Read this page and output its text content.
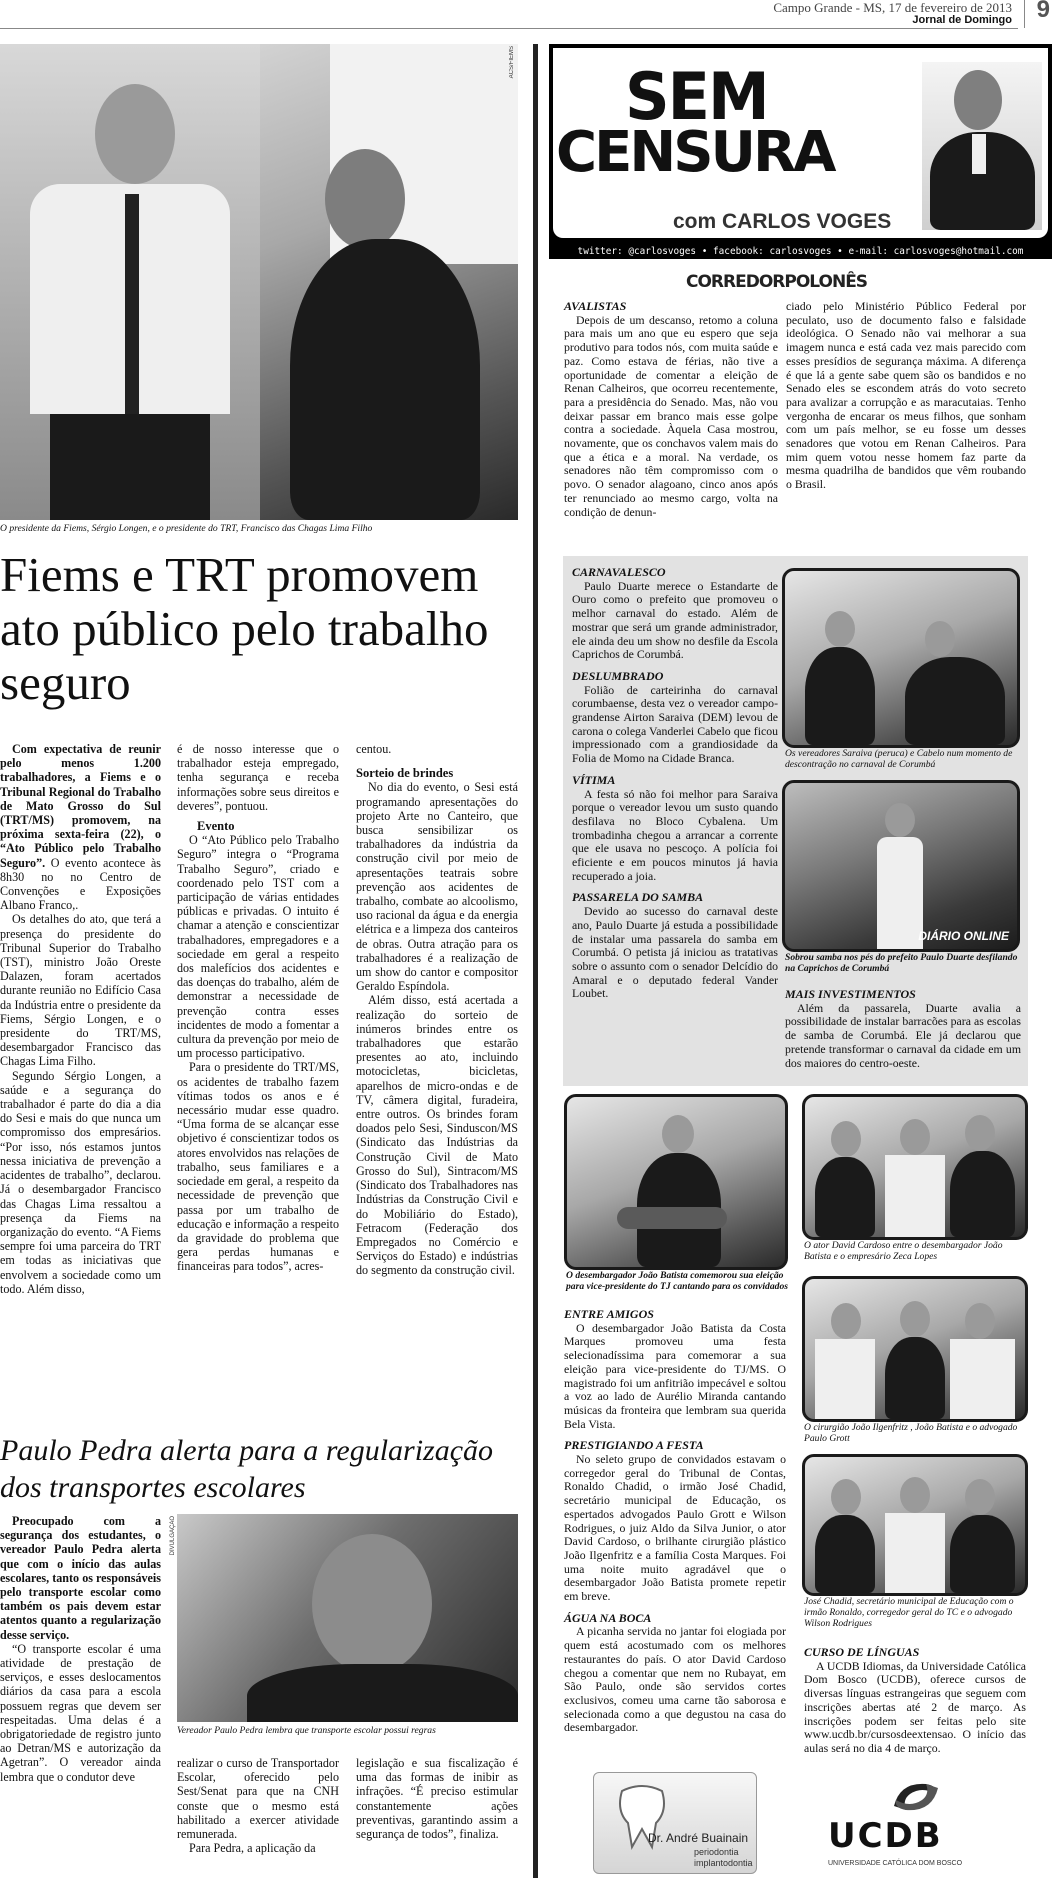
Campo Grande - MS, 17 de fevereiro de 2013
Jornal de Domingo 9
ACS/FIEMS
O presidente da Fiems, Sérgio Longen, e o presidente do TRT, Francisco das Chagas Lima Filho
Fiems e TRT promovem ato público pelo trabalho seguro

Com expectativa de reunir pelo menos 1.200 trabalhadores, a Fiems e o Tribunal Regional do Trabalho de Mato Grosso do Sul (TRT/MS) promovem, na próxima sexta-feira (22), o “Ato Público pelo Trabalho Seguro”. O evento acontece às 8h30 no no Centro de Convenções e Exposições Albano Franco,.

Os detalhes do ato, que terá a presença do presidente do Tribunal Superior do Trabalho (TST), ministro João Oreste Dalazen, foram acertados durante reunião no Edifício Casa da Indústria entre o presidente da Fiems, Sérgio Longen, e o presidente do TRT/MS, desembargador Francisco das Chagas Lima Filho.

Segundo Sérgio Longen, a saúde e a segurança do trabalhador é parte do dia a dia do Sesi e mais do que nunca um compromisso dos empresários. “Por isso, nós estamos juntos nessa iniciativa de prevenção a acidentes de trabalho”, declarou. Já o desembargador Francisco das Chagas Lima ressaltou a presença da Fiems na organização do evento. “A Fiems sempre foi uma parceira do TRT em todas as iniciativas que envolvem a sociedade como um todo. Além disso,

é de nosso interesse que o trabalhador esteja empregado, tenha segurança e receba informações sobre seus direitos e deveres”, pontuou.

Evento

O “Ato Público pelo Trabalho Seguro” integra o “Programa Trabalho Seguro”, criado e coordenado pelo TST com a participação de várias entidades públicas e privadas. O intuito é chamar a atenção e conscientizar trabalhadores, empregadores e a sociedade em geral a respeito dos malefícios dos acidentes e das doenças do trabalho, além de demonstrar a necessidade de prevenção contra esses incidentes de modo a fomentar a cultura da prevenção por meio de um processo participativo.

Para o presidente do TRT/MS, os acidentes de trabalho fazem vítimas todos os anos e é necessário mudar esse quadro. “Uma forma de se alcançar esse objetivo é conscientizar todos os atores envolvidos nas relações de trabalho, seus familiares e a sociedade em geral, a respeito da necessidade de prevenção que passa por um trabalho de educação e informação a respeito da gravidade do problema que gera perdas humanas e financeiras para todos”, acres-

centou.

Sorteio de brindes

No dia do evento, o Sesi está programando apresentações do projeto Arte no Canteiro, que busca sensibilizar os trabalhadores da indústria da construção civil por meio de apresentações teatrais sobre prevenção aos acidentes de trabalho, combate ao alcoolismo, uso racional da água e da energia elétrica e a limpeza dos canteiros de obras. Outra atração para os trabalhadores é a realização de um show do cantor e compositor Geraldo Espíndola.

Além disso, está acertada a realização do sorteio de inúmeros brindes entre os trabalhadores que estarão presentes ao ato, incluindo motocicletas, bicicletas, aparelhos de micro-ondas e de TV, câmera digital, furadeira, entre outros. Os brindes foram doados pelo Sesi, Sinduscon/MS (Sindicato das Indústrias da Construção Civil de Mato Grosso do Sul), Sintracom/MS (Sindicato dos Trabalhadores nas Indústrias da Construção Civil e do Mobiliário do Estado), Fetracom (Federação dos Empregados no Comércio e Serviços do Estado) e indústrias do segmento da construção civil.

Paulo Pedra alerta para a regularização dos transportes escolares

Preocupado com a segurança dos estudantes, o vereador Paulo Pedra alerta que com o início das aulas escolares, tanto os responsáveis pelo transporte escolar como também os pais devem estar atentos quanto a regularização desse serviço.

“O transporte escolar é uma atividade de prestação de serviços, e esses deslocamentos diários da casa para a escola possuem regras que devem ser respeitadas. Uma delas é a obrigatoriedade de registro junto ao Detran/MS e autorização da Agetran”. O vereador ainda lembra que o condutor deve

DIVULGAÇÃO
Vereador Paulo Pedra lembra que transporte escolar possui regras

realizar o curso de Transportador Escolar, oferecido pelo Sest/Senat para que na CNH conste que o mesmo está habilitado a exercer atividade remunerada.

Para Pedra, a aplicação da

legislação e sua fiscalização é uma das formas de inibir as infrações. “É preciso estimular constantemente ações preventivas, garantindo assim a segurança de todos”, finaliza.

SEM
CENSURA
com CARLOS VOGES
twitter: @carlosvoges • facebook: carlosvoges • e-mail: carlosvoges@hotmail.com
CORREDORPOLONÊS

AVALISTAS

Depois de um descanso, retomo a coluna para mais um ano que eu espero que seja produtivo para todos nós, com muita saúde e paz. Como estava de férias, não tive a oportunidade de comentar a eleição de Renan Calheiros, que ocorreu recentemente, para a presidência do Senado. Mas, não vou deixar passar em branco mais esse golpe contra a sociedade. Àquela Casa mostrou, novamente, que os conchavos valem mais do que a ética e a moral. Na verdade, os senadores não têm compromisso com o povo. O senador alagoano, cinco anos após ter renunciado ao mesmo cargo, volta na condição de denun-

ciado pelo Ministério Público Federal por peculato, uso de documento falso e falsidade ideológica. O Senado não vai melhorar a sua imagem nunca e está cada vez mais parecido com esses presídios de segurança máxima. A diferença é que lá a gente sabe quem são os bandidos e no Senado eles se escondem atrás do voto secreto para avalizar a corrupção e as maracutaias. Tenho vergonha de encarar os meus filhos, que sonham com um país melhor, se eu fosse um desses senadores que votou em Renan Calheiros. Para mim quem votou nesse homem faz parte da mesma quadrilha de bandidos que vêm roubando o Brasil.

CARNAVALESCO

Paulo Duarte merece o Estandarte de Ouro como o prefeito que promoveu o melhor carnaval do estado. Além de mostrar que será um grande administrador, ele ainda deu um show no desfile da Escola Caprichos de Corumbá.

DESLUMBRADO

Folião de carteirinha do carnaval corumbaense, desta vez o vereador campo-grandense Airton Saraiva (DEM) levou de carona o colega Vanderlei Cabelo que ficou impressionado com a grandiosidade da Folia de Momo na Cidade Branca.

VÍTIMA

A festa só não foi melhor para Saraiva porque o vereador levou um susto quando desfilava no Bloco Cybalena. Um trombadinha chegou a arrancar a corrente que ele usava no pescoço. A polícia foi eficiente e em poucos minutos já havia recuperado a joia.

PASSARELA DO SAMBA

Devido ao sucesso do carnaval deste ano, Paulo Duarte já estuda a possibilidade de instalar uma passarela do samba em Corumbá. O petista já iniciou as tratativas sobre o assunto com o senador Delcídio do Amaral e o deputado federal Vander Loubet.

Os vereadores Saraiva (peruca) e Cabelo num momento de descontração no carnaval de Corumbá
DIÁRIO ONLINE
Sobrou samba nos pés do prefeito Paulo Duarte desfilando na Caprichos de Corumbá

MAIS INVESTIMENTOS

Além da passarela, Duarte avalia a possibilidade de instalar barracões para as escolas de samba de Corumbá. Ele já declarou que pretende transformar o carnaval da cidade em um dos maiores do centro-oeste.

O desembargador João Batista comemorou sua eleição para vice-presidente do TJ cantando para os convidados
O ator David Cardoso entre o desembargador João Batista e o empresário Zeca Lopes
O cirurgião João Ilgenfritz , João Batista e o advogado Paulo Grott
José Chadid, secretário municipal de Educação com o irmão Ronaldo, corregedor geral do TC e o advogado Wilson Rodrigues

ENTRE AMIGOS

O desembargador João Batista da Costa Marques promoveu uma festa selecionadíssima para comemorar a sua eleição para vice-presidente do TJ/MS. O magistrado foi um anfitrião impecável e soltou a voz ao lado de Aurélio Miranda cantando músicas da fronteira que lembram sua querida Bela Vista.

PRESTIGIANDO A FESTA

No seleto grupo de convidados estavam o corregedor geral do Tribunal de Contas, Ronaldo Chadid, o irmão José Chadid, secretário municipal de Educação, os espertados advogados Paulo Grott e Wilson Rodrigues, o juiz Aldo da Silva Junior, o ator David Cardoso, o brilhante cirurgião plástico João Ilgenfritz e a família Costa Marques. Foi uma noite muito agradável que o desembargador João Batista promete repetir em breve.

ÁGUA NA BOCA

A picanha servida no jantar foi elogiada por quem está acostumado com os melhores restaurantes do país. O ator David Cardoso chegou a comentar que nem no Rubayat, em São Paulo, onde são servidos cortes exclusivos, comeu uma carne tão saborosa e selecionada como a que degustou na casa do desembargador.

CURSO DE LÍNGUAS

A UCDB Idiomas, da Universidade Católica Dom Bosco (UCDB), oferece cursos de diversas línguas estrangeiras que seguem com inscrições abertas até 2 de março. As inscrições podem ser feitas pelo site www.ucdb.br/cursosdeextensao. O início das aulas será no dia 4 de março.

Dr. André Buainain
periodontia
implantodontia
UCDB
UNIVERSIDADE CATÓLICA DOM BOSCO
